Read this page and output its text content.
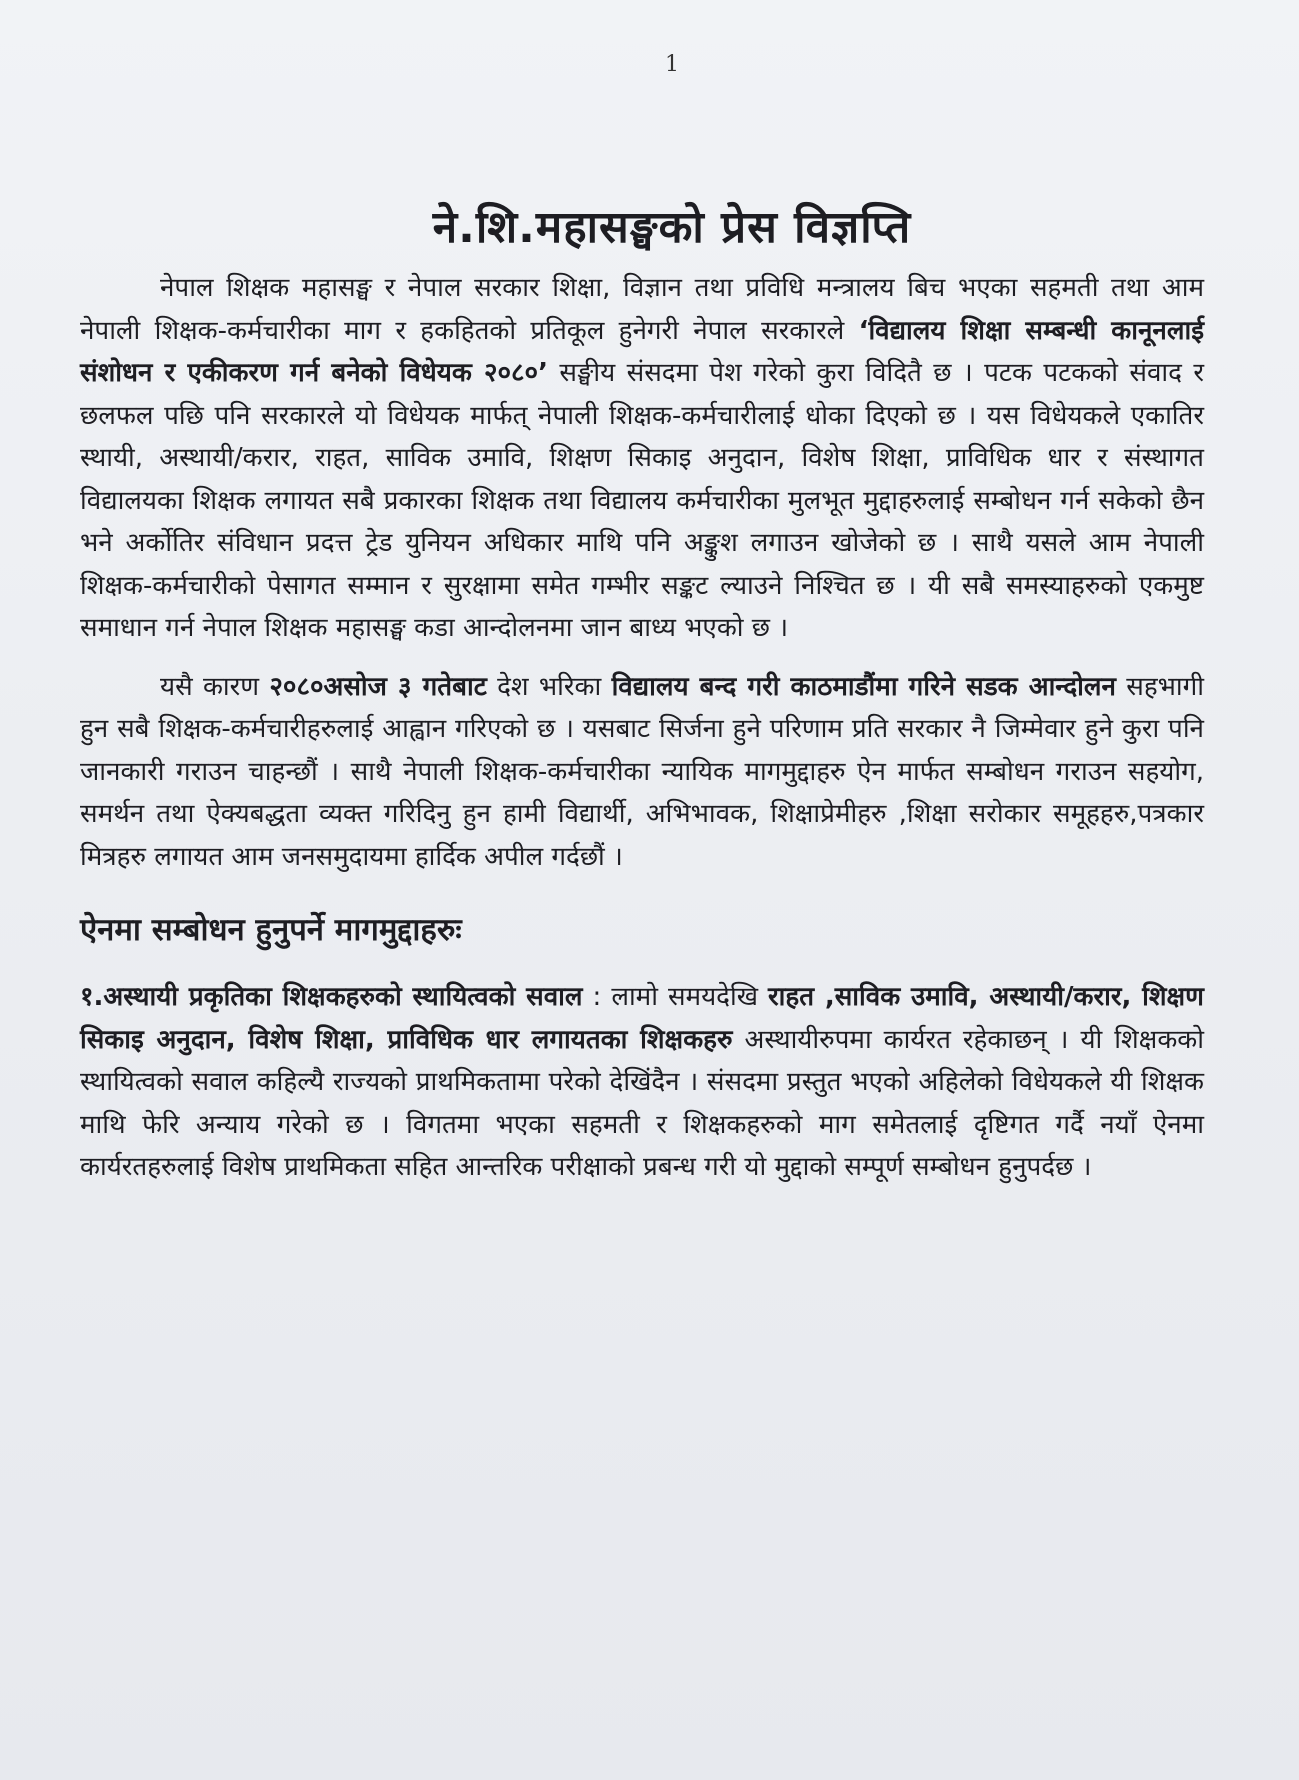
1
ने.शि.महासङ्घको प्रेस विज्ञप्ति

नेपाल शिक्षक महासङ्घ र नेपाल सरकार शिक्षा, विज्ञान तथा प्रविधि मन्त्रालय बिच भएका सहमती तथा आम नेपाली शिक्षक-कर्मचारीका माग र हकहितको प्रतिकूल हुनेगरी नेपाल सरकारले ‘विद्यालय शिक्षा सम्बन्धी कानूनलाई संशोधन र एकीकरण गर्न बनेको विधेयक २०८०’ सङ्घीय संसदमा पेश गरेको कुरा विदितै छ । पटक पटकको संवाद र छलफल पछि पनि सरकारले यो विधेयक मार्फत् नेपाली शिक्षक-कर्मचारीलाई धोका दिएको छ । यस विधेयकले एकातिर स्थायी, अस्थायी/करार, राहत, साविक उमावि, शिक्षण सिकाइ अनुदान, विशेष शिक्षा, प्राविधिक धार र संस्थागत विद्यालयका शिक्षक लगायत सबै प्रकारका शिक्षक तथा विद्यालय कर्मचारीका मुलभूत मुद्दाहरुलाई सम्बोधन गर्न सकेको छैन भने अर्कोतिर संविधान प्रदत्त ट्रेड युनियन अधिकार माथि पनि अङ्कुश लगाउन खोजेको छ । साथै यसले आम नेपाली शिक्षक-कर्मचारीको पेसागत सम्मान र सुरक्षामा समेत गम्भीर सङ्कट ल्याउने निश्चित छ । यी सबै समस्याहरुको एकमुष्ट समाधान गर्न नेपाल शिक्षक महासङ्घ कडा आन्दोलनमा जान बाध्य भएको छ ।

यसै कारण २०८०असोज ३ गतेबाट देश भरिका विद्यालय बन्द गरी काठमाडौंमा गरिने सडक आन्दोलन सहभागी हुन सबै शिक्षक-कर्मचारीहरुलाई आह्वान गरिएको छ । यसबाट सिर्जना हुने परिणाम प्रति सरकार नै जिम्मेवार हुने कुरा पनि जानकारी गराउन चाहन्छौं । साथै नेपाली शिक्षक-कर्मचारीका न्यायिक मागमुद्दाहरु ऐन मार्फत सम्बोधन गराउन सहयोग, समर्थन तथा ऐक्यबद्धता व्यक्त गरिदिनु हुन हामी विद्यार्थी, अभिभावक, शिक्षाप्रेमीहरु ,शिक्षा सरोकार समूहहरु,पत्रकार मित्रहरु लगायत आम जनसमुदायमा हार्दिक अपील गर्दछौं ।

ऐनमा सम्बोधन हुनुपर्ने मागमुद्दाहरुः

१.अस्थायी प्रकृतिका शिक्षकहरुको स्थायित्वको सवाल : लामो समयदेखि राहत ,साविक उमावि, अस्थायी/करार, शिक्षण सिकाइ अनुदान, विशेष शिक्षा, प्राविधिक धार लगायतका शिक्षकहरु अस्थायीरुपमा कार्यरत रहेकाछन् । यी शिक्षकको स्थायित्वको सवाल कहिल्यै राज्यको प्राथमिकतामा परेको देखिंदैन । संसदमा प्रस्तुत भएको अहिलेको विधेयकले यी शिक्षक माथि फेरि अन्याय गरेको छ । विगतमा भएका सहमती र शिक्षकहरुको माग समेतलाई दृष्टिगत गर्दै नयाँ ऐनमा कार्यरतहरुलाई विशेष प्राथमिकता सहित आन्तरिक परीक्षाको प्रबन्ध गरी यो मुद्दाको सम्पूर्ण सम्बोधन हुनुपर्दछ ।
